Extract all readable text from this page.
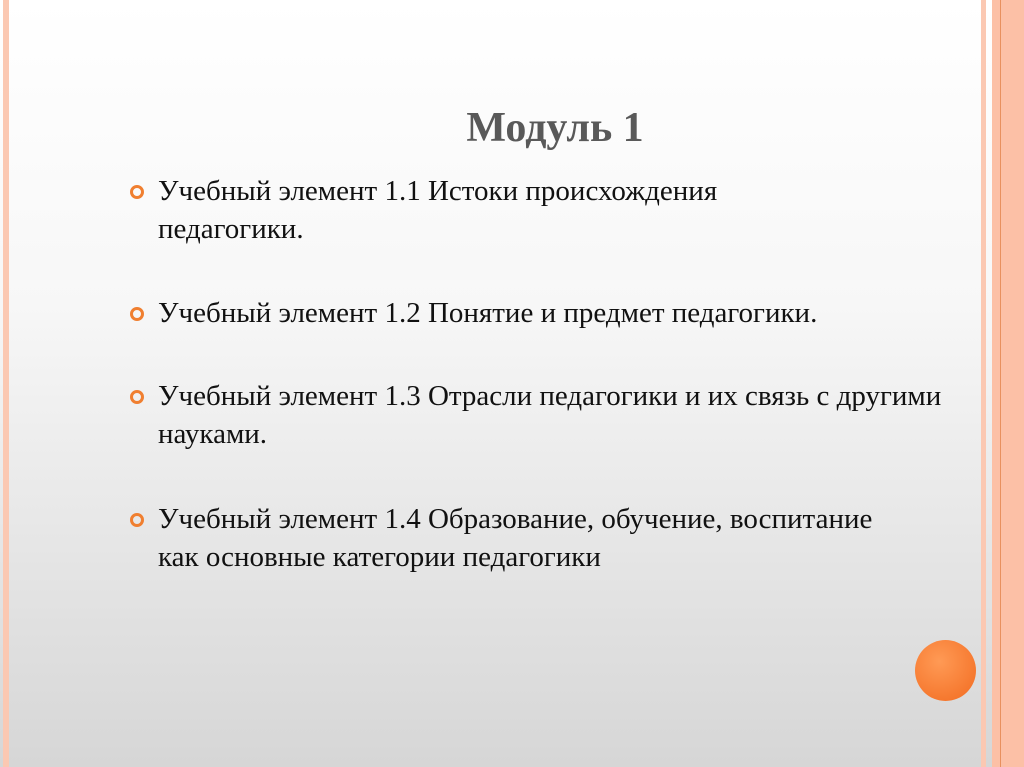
Модуль 1
Учебный элемент 1.1 Истоки происхождения педагогики.
Учебный элемент 1.2 Понятие и предмет педагогики.
Учебный элемент 1.3 Отрасли педагогики и их связь с другими науками.
Учебный элемент 1.4 Образование, обучение, воспитание как основные категории педагогики
